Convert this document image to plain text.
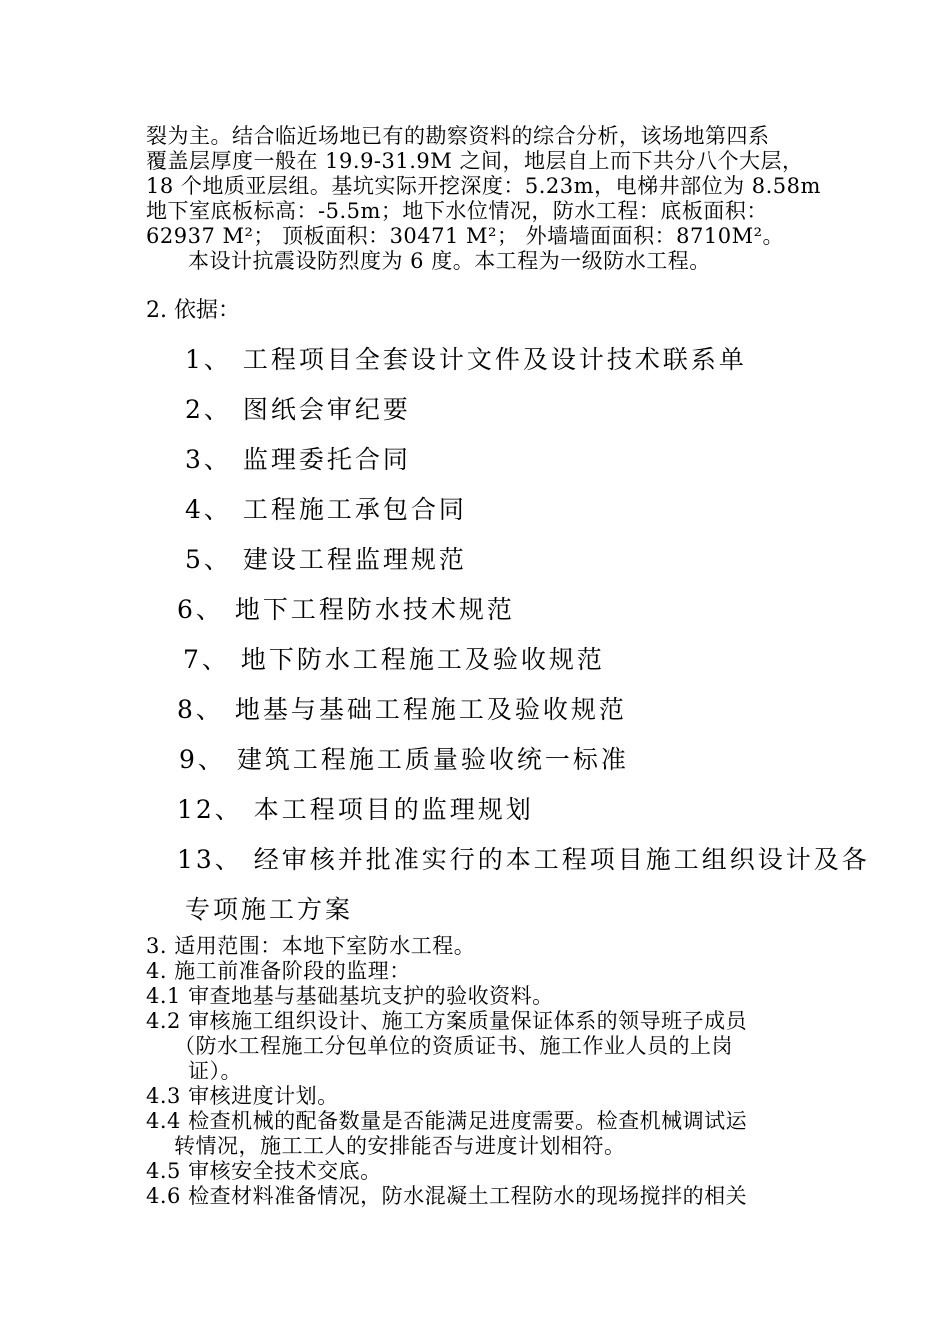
裂为主。结合临近场地已有的勘察资料的综合分析，该场地第四系
覆盖层厚度一般在 19.9-31.9M 之间，地层自上而下共分八个大层，
18 个地质亚层组。基坑实际开挖深度：5.23m，电梯井部位为 8.58m
地下室底板标高：-5.5m；地下水位情况，防水工程：底板面积：
62937 M²； 顶板面积：30471 M²； 外墙墙面面积：8710M²。
本设计抗震设防烈度为 6 度。本工程为一级防水工程。
2. 依据：
1、 工程项目全套设计文件及设计技术联系单
2、 图纸会审纪要
3、 监理委托合同
4、 工程施工承包合同
5、 建设工程监理规范
6、 地下工程防水技术规范
7、 地下防水工程施工及验收规范
8、 地基与基础工程施工及验收规范
9、 建筑工程施工质量验收统一标准
12、 本工程项目的监理规划
13、 经审核并批准实行的本工程项目施工组织设计及各
专项施工方案
3. 适用范围：本地下室防水工程。
4. 施工前准备阶段的监理：
4.1 审查地基与基础基坑支护的验收资料。
4.2 审核施工组织设计、施工方案质量保证体系的领导班子成员
（防水工程施工分包单位的资质证书、施工作业人员的上岗
证）。
4.3 审核进度计划。
4.4 检查机械的配备数量是否能满足进度需要。检查机械调试运
转情况，施工工人的安排能否与进度计划相符。
4.5 审核安全技术交底。
4.6 检查材料准备情况，防水混凝土工程防水的现场搅拌的相关
